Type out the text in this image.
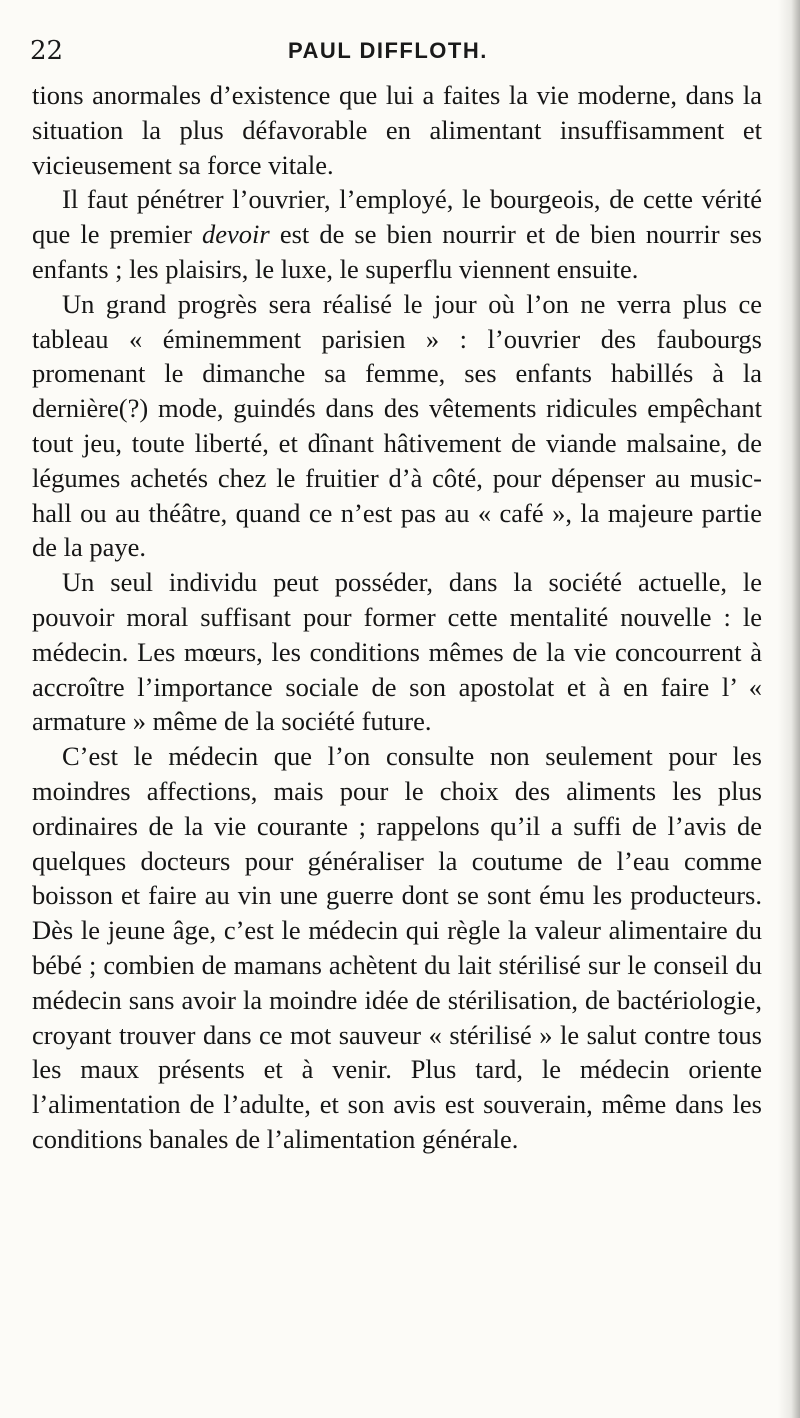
22	PAUL DIFFLOTH.

tions anormales d’existence que lui a faites la vie moderne, dans la situation la plus défavorable en alimentant insuffisamment et vicieusement sa force vitale.

Il faut pénétrer l’ouvrier, l’employé, le bourgeois, de cette vérité que le premier devoir est de se bien nourrir et de bien nourrir ses enfants ; les plaisirs, le luxe, le superflu viennent ensuite.

Un grand progrès sera réalisé le jour où l’on ne verra plus ce tableau « éminemment parisien » : l’ouvrier des faubourgs promenant le dimanche sa femme, ses enfants habillés à la dernière(?) mode, guindés dans des vêtements ridicules empêchant tout jeu, toute liberté, et dînant hâtivement de viande malsaine, de légumes achetés chez le fruitier d’à côté, pour dépenser au music-hall ou au théâtre, quand ce n’est pas au « café », la majeure partie de la paye.

Un seul individu peut posséder, dans la société actuelle, le pouvoir moral suffisant pour former cette mentalité nouvelle : le médecin. Les mœurs, les conditions mêmes de la vie concourrent à accroître l’importance sociale de son apostolat et à en faire l’ « armature » même de la société future.

C’est le médecin que l’on consulte non seulement pour les moindres affections, mais pour le choix des aliments les plus ordinaires de la vie courante ; rappelons qu’il a suffi de l’avis de quelques docteurs pour généraliser la coutume de l’eau comme boisson et faire au vin une guerre dont se sont ému les producteurs. Dès le jeune âge, c’est le médecin qui règle la valeur alimentaire du bébé ; combien de mamans achètent du lait stérilisé sur le conseil du médecin sans avoir la moindre idée de stérilisation, de bactériologie, croyant trouver dans ce mot sauveur « stérilisé » le salut contre tous les maux présents et à venir. Plus tard, le médecin oriente l’alimentation de l’adulte, et son avis est souverain, même dans les conditions banales de l’alimentation générale.
